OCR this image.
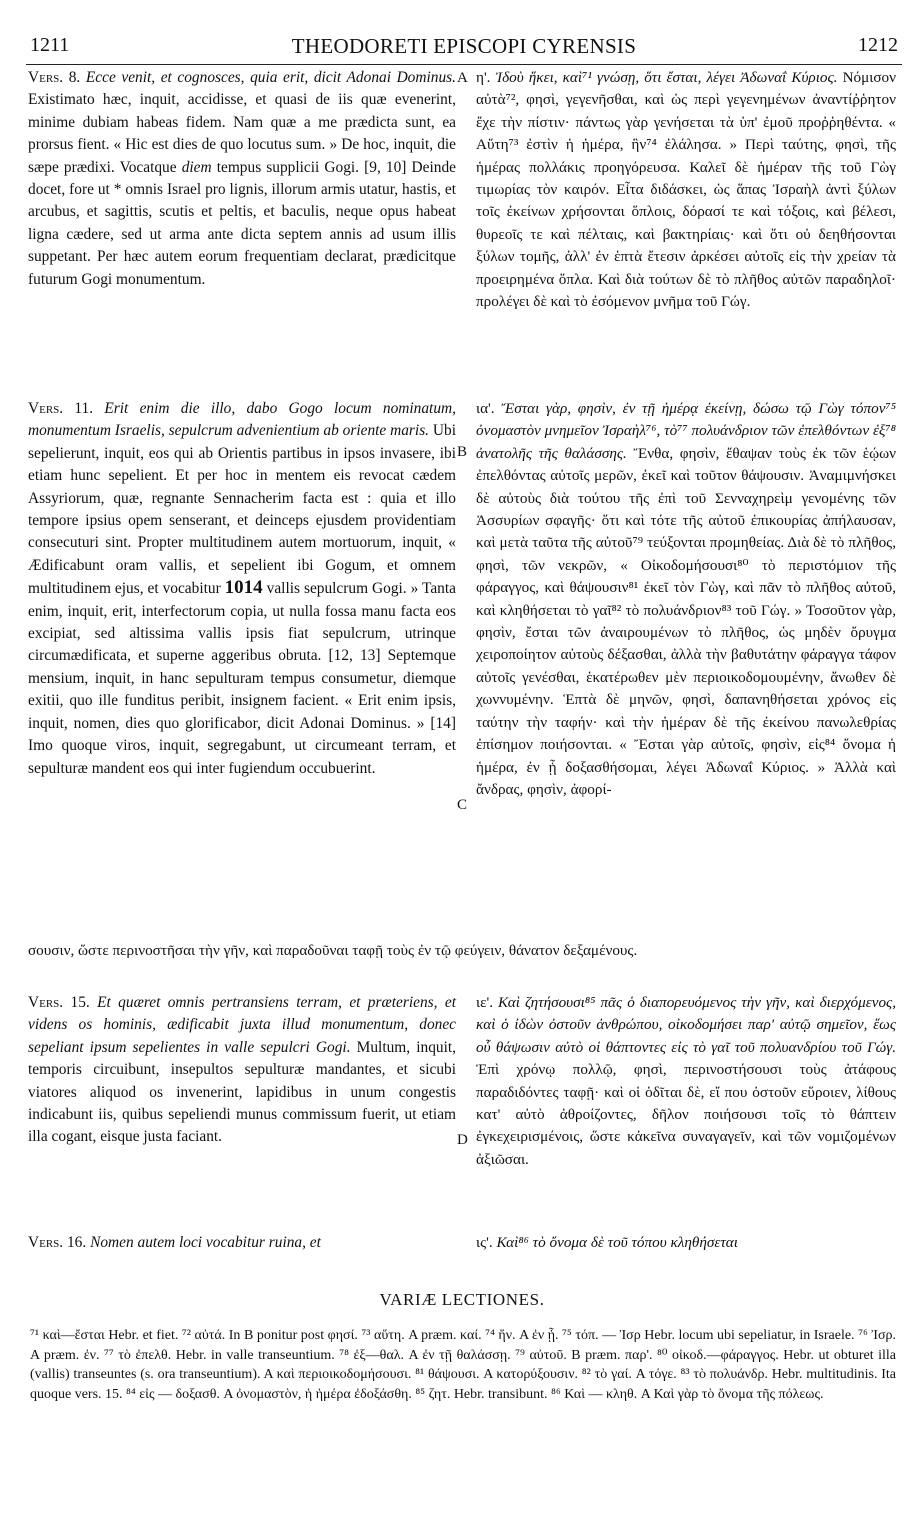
1211	THEODORETI EPISCOPI CYRENSIS	1212

Vers. 8. Ecce venit, et cognosces, quia erit, dicit Adonai Dominus. Existimato hæc, inquit, accidisse, et quasi de iis quæ evenerint, minime dubiam habeas fidem. Nam quæ a me prædicta sunt, ea prorsus fient. « Hic est dies de quo locutus sum. » De hoc, inquit, die sæpe prædixi. Vocatque diem tempus supplicii Gogi. [9, 10] Deinde docet, fore ut * omnis Israel pro lignis, illorum armis utatur, hastis, et arcubus, et sagittis, scutis et peltis, et baculis, neque opus habeat ligna cædere, sed ut arma ante dicta septem annis ad usum illis suppetant. Per hæc autem eorum frequentiam declarat, prædicitque futurum Gogi monumentum.

A η'. Ἰδοὺ ἥκει, καὶ⁷¹ γνώσῃ, ὅτι ἔσται, λέγει Ἀδωναΐ Κύριος. Νόμισον αὐτὰ⁷², φησὶ, γεγενῆσθαι, καὶ ὡς περὶ γεγενημένων ἀναντίῤῥητον ἔχε τὴν πίστιν· πάντως γὰρ γενήσεται τὰ ὑπ' ἐμοῦ προῤῥηθέντα. « Αὕτη⁷³ ἐστὶν ἡ ἡμέρα, ἣν⁷⁴ ἐλάλησα. » Περὶ ταύτης, φησὶ, τῆς ἡμέρας πολλάκις προηγόρευσα. Καλεῖ δὲ ἡμέραν τῆς τοῦ Γὼγ τιμωρίας τὸν καιρόν. Εἶτα διδάσκει, ὡς ἅπας Ἰσραὴλ ἀντὶ ξύλων τοῖς ἐκείνων χρήσονται ὅπλοις, δόρασί τε καὶ τόξοις, καὶ βέλεσι, θυρεοῖς τε καὶ πέλταις, καὶ βακτηρίαις· καὶ ὅτι οὐ δεηθήσονται ξύλων τομῆς, ἀλλ' ἐν ἑπτὰ ἔτεσιν ἀρκέσει αὐτοῖς εἰς τὴν χρείαν τὰ προειρημένα ὅπλα. Καὶ διὰ τούτων δὲ τὸ πλῆθος αὐτῶν παραδηλοῖ· προλέγει δὲ καὶ τὸ ἐσόμενον μνῆμα τοῦ Γώγ.

Vers. 11. Erit enim die illo, dabo Gogo locum nominatum, monumentum Israelis, sepulcrum advenientium ab oriente maris. Ubi sepelierunt, inquit, eos qui ab Orientis partibus in ipsos invasere, ibi etiam hunc sepelient. Et per hoc in mentem eis revocat cædem Assyriorum, quæ, regnante Sennacherim facta est : quia et illo tempore ipsius opem senserant, et deinceps ejusdem providentiam consecuturi sint. Propter multitudinem autem mortuorum, inquit, « Ædificabunt oram vallis, et sepelient ibi Gogum, et omnem multitudinem ejus, et vocabitur 1014 vallis sepulcrum Gogi. » Tanta enim, inquit, erit, interfectorum copia, ut nulla fossa manu facta eos excipiat, sed altissima vallis ipsis fiat sepulcrum, utrinque circumædificata, et superne aggeribus obruta. [12, 13] Septemque mensium, inquit, in hanc sepulturam tempus consumetur, diemque exitii, quo ille funditus peribit, insignem facient. « Erit enim ipsis, inquit, nomen, dies quo glorificabor, dicit Adonai Dominus. » [14] Imo quoque viros, inquit, segregabunt, ut circumeant terram, et sepulturæ mandent eos qui inter fugiendum occubuerint.

B
C

ια'. Ἔσται γὰρ, φησὶν, ἐν τῇ ἡμέρᾳ ἐκείνῃ, δώσω τῷ Γὼγ τόπον⁷⁵ ὀνομαστὸν μνημεῖον Ἰσραὴλ⁷⁶, τὸ⁷⁷ πολυάνδριον τῶν ἐπελθόντων ἐξ⁷⁸ ἀνατολῆς τῆς θαλάσσης. Ἔνθα, φησὶν, ἔθαψαν τοὺς ἐκ τῶν ἑῴων ἐπελθόντας αὐτοῖς μερῶν, ἐκεῖ καὶ τοῦτον θάψουσιν. Ἀναμιμνήσκει δὲ αὐτοὺς διὰ τούτου τῆς ἐπὶ τοῦ Σενναχηρεὶμ γενομένης τῶν Ἀσσυρίων σφαγῆς· ὅτι καὶ τότε τῆς αὐτοῦ ἐπικουρίας ἀπήλαυσαν, καὶ μετὰ ταῦτα τῆς αὐτοῦ⁷⁹ τεύξονται προμηθείας. Διὰ δὲ τὸ πλῆθος, φησὶ, τῶν νεκρῶν, « Οἰκοδομήσουσι⁸⁰ τὸ περιστόμιον τῆς φάραγγος, καὶ θάψουσιν⁸¹ ἐκεῖ τὸν Γὼγ, καὶ πᾶν τὸ πλῆθος αὐτοῦ, καὶ κληθήσεται τὸ γαῖ⁸² τὸ πολυάνδριον⁸³ τοῦ Γώγ. » Τοσοῦτον γὰρ, φησὶν, ἔσται τῶν ἀναιρουμένων τὸ πλῆθος, ὡς μηδὲν ὄρυγμα χειροποίητον αὐτοὺς δέξασθαι, ἀλλὰ τὴν βαθυτάτην φάραγγα τάφον αὐτοῖς γενέσθαι, ἑκατέρωθεν μὲν περιοικοδομουμένην, ἄνωθεν δὲ χωννυμένην. Ἑπτὰ δὲ μηνῶν, φησὶ, δαπανηθήσεται χρόνος εἰς ταύτην τὴν ταφήν· καὶ τὴν ἡμέραν δὲ τῆς ἐκείνου πανωλεθρίας ἐπίσημον ποιήσονται. « Ἔσται γὰρ αὐτοῖς, φησὶν, εἰς⁸⁴ ὄνομα ἡ ἡμέρα, ἐν ᾗ δοξασθήσομαι, λέγει Ἀδωναΐ Κύριος. » Ἀλλὰ καὶ ἄνδρας, φησὶν, ἀφορί-

σουσιν, ὥστε περινοστῆσαι τὴν γῆν, καὶ παραδοῦναι ταφῇ τοὺς ἐν τῷ φεύγειν, θάνατον δεξαμένους.

Vers. 15. Et quæret omnis pertransiens terram, et præteriens, et videns os hominis, ædificabit juxta illud monumentum, donec sepeliant ipsum sepelientes in valle sepulcri Gogi. Multum, inquit, temporis circuibunt, insepultos sepulturæ mandantes, et sicubi viatores aliquod os invenerint, lapidibus in unum congestis indicabunt iis, quibus sepeliendi munus commissum fuerit, ut etiam illa cogant, eisque justa faciant.	D

ιε'. Καὶ ζητήσουσι⁸⁵ πᾶς ὁ διαπορευόμενος τὴν γῆν, καὶ διερχόμενος, καὶ ὁ ἰδὼν ὀστοῦν ἀνθρώπου, οἰκοδομήσει παρ' αὐτῷ σημεῖον, ἕως οὗ θάψωσιν αὐτὸ οἱ θάπτοντες εἰς τὸ γαῖ τοῦ πολυανδρίου τοῦ Γώγ. Ἐπὶ χρόνῳ πολλῷ, φησὶ, περινοστήσουσι τοὺς ἀτάφους παραδιδόντες ταφῇ· καὶ οἱ ὁδῖται δὲ, εἴ που ὀστοῦν εὕροιεν, λίθους κατ' αὐτὸ ἀθροίζοντες, δῆλον ποιήσουσι τοῖς τὸ θάπτειν ἐγκεχειρισμένοις, ὥστε κἀκεῖνα συναγαγεῖν, καὶ τῶν νομιζομένων ἀξιῶσαι.

Vers. 16. Nomen autem loci vocabitur ruina, et	ις'. Καὶ⁸⁶ τὸ ὄνομα δὲ τοῦ τόπου κληθήσεται

VARIÆ LECTIONES.

⁷¹ καὶ—ἔσται Hebr. et fiet. ⁷² αὐτά. In B ponitur post φησί. ⁷³ αὕτη. A præm. καί. ⁷⁴ ἥν. A ἐν ᾗ. ⁷⁵ τόπ. — Ἰσρ Hebr. locum ubi sepeliatur, in Israele. ⁷⁶ Ἰσρ. A præm. ἐν. ⁷⁷ τὸ ἐπελθ. Hebr. in valle transeuntium. ⁷⁸ ἐξ—θαλ. A ἐν τῇ θαλάσσῃ. ⁷⁹ αὐτοῦ. B præm. παρ'. ⁸⁰ οἰκοδ.—φάραγγος. Hebr. ut obturet illa (vallis) transeuntes (s. ora transeuntium). A καὶ περιοικοδομήσουσι. ⁸¹ θάψουσι. A κατορύξουσιν. ⁸² τὸ γαί. A τόγε. ⁸³ τὸ πολυάνδρ. Hebr. multitudinis. Ita quoque vers. 15. ⁸⁴ εἰς — δοξασθ. A ὀνομαστὸν, ἡ ἡμέρα ἐδοξάσθη. ⁸⁵ ζητ. Hebr. transibunt. ⁸⁶ Καὶ — κληθ. A Καὶ γὰρ τὸ ὄνομα τῆς πόλεως.
